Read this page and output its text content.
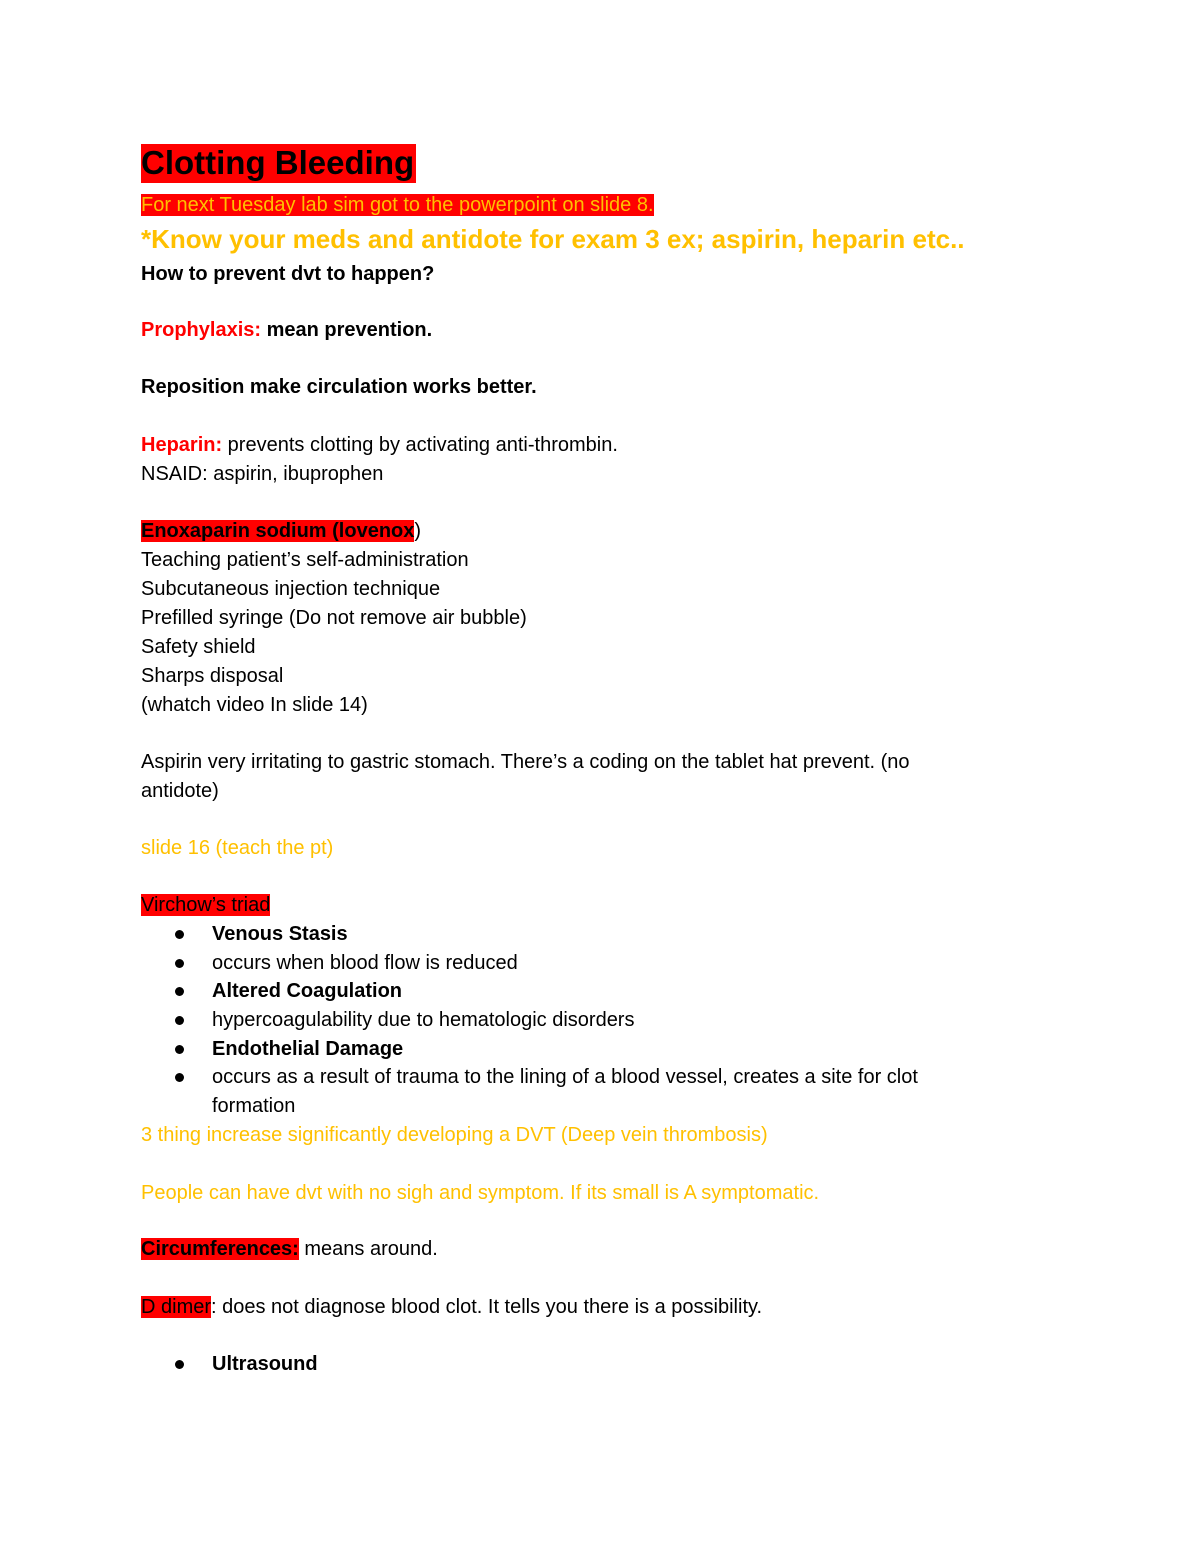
Clotting Bleeding
For next Tuesday lab sim got to the powerpoint on slide 8.
*Know your meds and antidote for exam 3 ex; aspirin, heparin etc..
How to prevent dvt to happen?
Prophylaxis: mean prevention.
Reposition make circulation works better.
Heparin: prevents clotting by activating anti-thrombin.
NSAID: aspirin, ibuprophen
Enoxaparin sodium (lovenox)
Teaching patient’s self-administration
Subcutaneous injection technique
Prefilled syringe (Do not remove air bubble)
Safety shield
Sharps disposal
(whatch video In slide 14)
Aspirin very irritating to gastric stomach. There’s a coding on the tablet hat prevent. (no
antidote)
slide 16 (teach the pt)
Virchow’s triad
Venous Stasis
occurs when blood flow is reduced
Altered Coagulation
hypercoagulability due to hematologic disorders
Endothelial Damage
occurs as a result of trauma to the lining of a blood vessel, creates a site for clot
formation
3 thing increase significantly developing a DVT (Deep vein thrombosis)
People can have dvt with no sigh and symptom. If its small is A symptomatic.
Circumferences: means around.
D dimer: does not diagnose blood clot. It tells you there is a possibility.
Ultrasound
